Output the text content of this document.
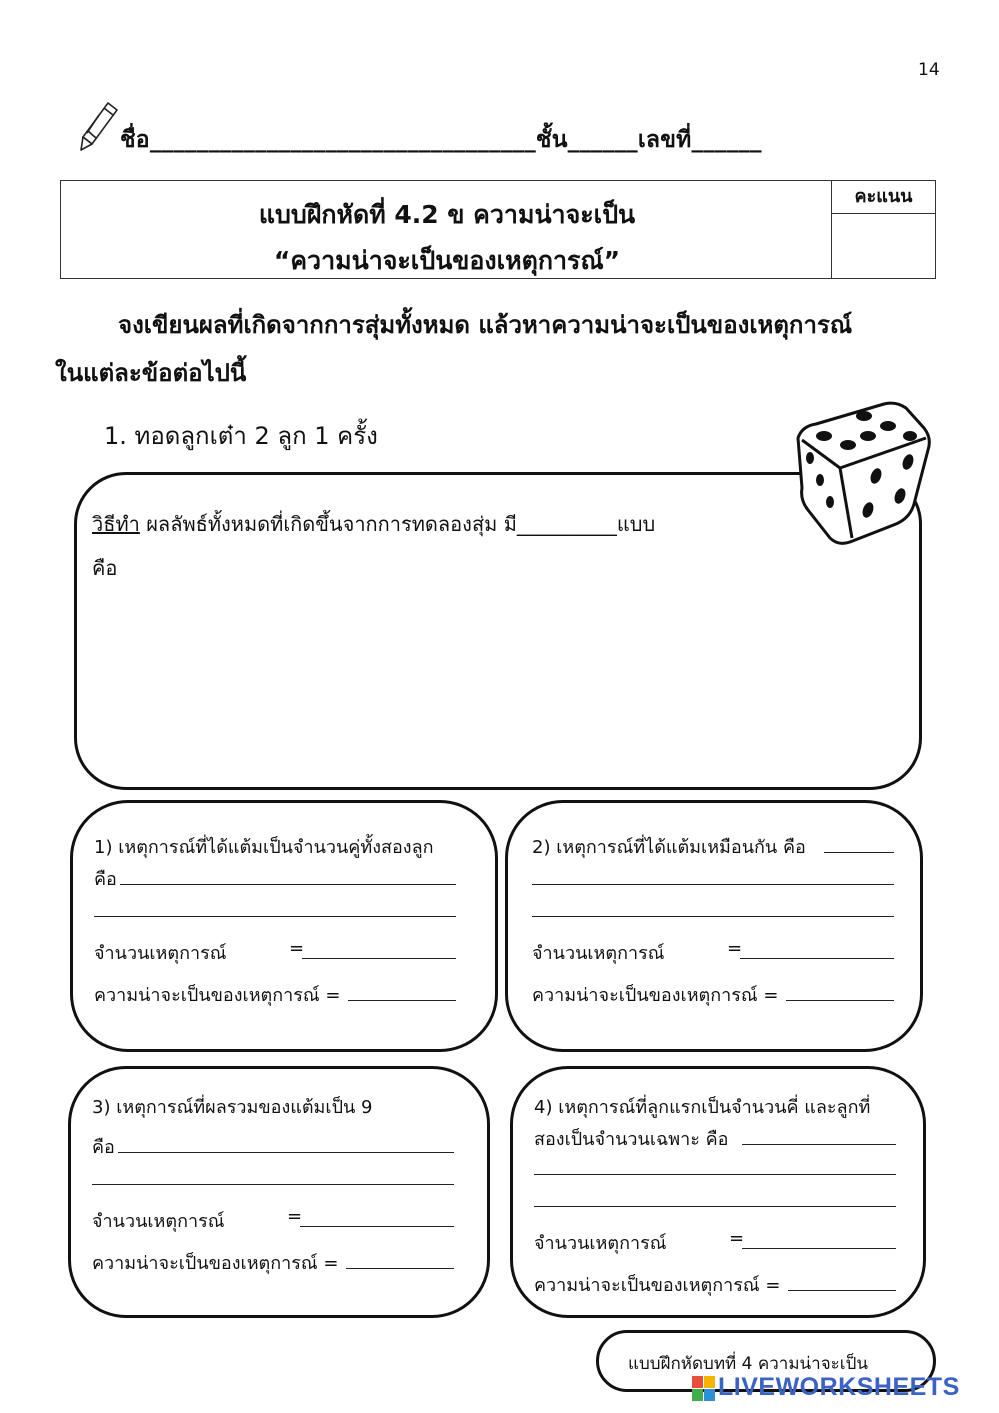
14
ชื่อ_________________________________ชั้น______เลขที่______
แบบฝึกหัดที่ 4.2 ข ความน่าจะเป็น
“ความน่าจะเป็นของเหตุการณ์”
คะแนน
จงเขียนผลที่เกิดจากการสุ่มทั้งหมด แล้วหาความน่าจะเป็นของเหตุการณ์
ในแต่ละข้อต่อไปนี้
1. ทอดลูกเต๋า 2 ลูก 1 ครั้ง
วิธีทำ ผลลัพธ์ทั้งหมดที่เกิดขึ้นจากการทดลองสุ่ม มี__________แบบ
คือ
1) เหตุการณ์ที่ได้แต้มเป็นจำนวนคู่ทั้งสองลูก
คือ
จำนวนเหตุการณ์	=
ความน่าจะเป็นของเหตุการณ์ =
2) เหตุการณ์ที่ได้แต้มเหมือนกัน คือ
จำนวนเหตุการณ์	=
ความน่าจะเป็นของเหตุการณ์ =
3) เหตุการณ์ที่ผลรวมของแต้มเป็น 9
คือ
จำนวนเหตุการณ์	=
ความน่าจะเป็นของเหตุการณ์ =
4) เหตุการณ์ที่ลูกแรกเป็นจำนวนคี่ และลูกที่
สองเป็นจำนวนเฉพาะ คือ
จำนวนเหตุการณ์	=
ความน่าจะเป็นของเหตุการณ์ =
แบบฝึกหัดบทที่ 4 ความน่าจะเป็น
LIVEWORKSHEETS
